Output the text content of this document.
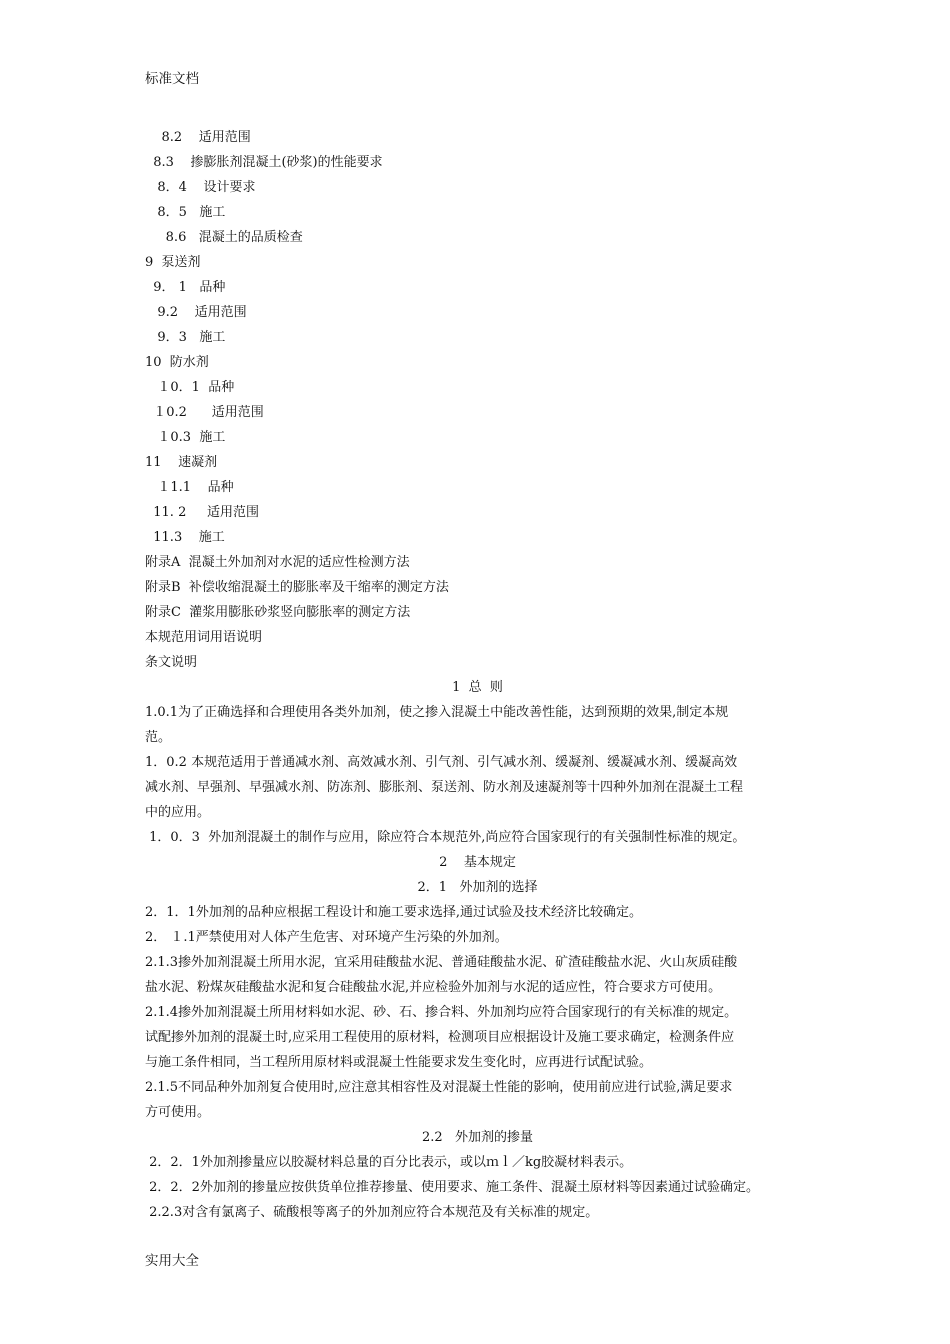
标准文档
8.2    适用范围
8.3    掺膨胀剂混凝土(砂浆)的性能要求
8．4    设计要求
8．5   施工
8.6   混凝土的品质检查
9  泵送剂
9． 1   品种
9.2    适用范围
9．3   施工
10  防水剂
１0．1  品种
１0.2      适用范围
１0.3  施工
11    速凝剂
１1.1    品种
11. 2     适用范围
11.3    施工
附录A  混凝土外加剂对水泥的适应性检测方法
附录B  补偿收缩混凝土的膨胀率及干缩率的测定方法
附录C  灌浆用膨胀砂浆竖向膨胀率的测定方法
本规范用词用语说明
条文说明
1  总  则
1.0.1为了正确选择和合理使用各类外加剂，使之掺入混凝土中能改善性能，达到预期的效果,制定本规
范。
1．0.2 本规范适用于普通减水剂、高效减水剂、引气剂、引气减水剂、缓凝剂、缓凝减水剂、缓凝高效
减水剂、早强剂、早强减水剂、防冻剂、膨胀剂、泵送剂、防水剂及速凝剂等十四种外加剂在混凝土工程
中的应用。
1．0．3  外加剂混凝土的制作与应用，除应符合本规范外,尚应符合国家现行的有关强制性标准的规定。
2    基本规定
2．1   外加剂的选择
2．1．1外加剂的品种应根据工程设计和施工要求选择,通过试验及技术经济比较确定。
2． １.1严禁使用对人体产生危害、对环境产生污染的外加剂。
2.1.3掺外加剂混凝土所用水泥，宜采用硅酸盐水泥、普通硅酸盐水泥、矿渣硅酸盐水泥、火山灰质硅酸
盐水泥、粉煤灰硅酸盐水泥和复合硅酸盐水泥,并应检验外加剂与水泥的适应性，符合要求方可使用。
2.1.4掺外加剂混凝土所用材料如水泥、砂、石、掺合料、外加剂均应符合国家现行的有关标准的规定。
试配掺外加剂的混凝土时,应采用工程使用的原材料，检测项目应根据设计及施工要求确定，检测条件应
与施工条件相同，当工程所用原材料或混凝土性能要求发生变化时，应再进行试配试验。
2.1.5不同品种外加剂复合使用时,应注意其相容性及对混凝土性能的影响，使用前应进行试验,满足要求
方可使用。
2.2   外加剂的掺量
2．2．1外加剂掺量应以胶凝材料总量的百分比表示，或以ｍｌ／kg胶凝材料表示。
2．2．2外加剂的掺量应按供货单位推荐掺量、使用要求、施工条件、混凝土原材料等因素通过试验确定。
2.2.3对含有氯离子、硫酸根等离子的外加剂应符合本规范及有关标准的规定。
实用大全
